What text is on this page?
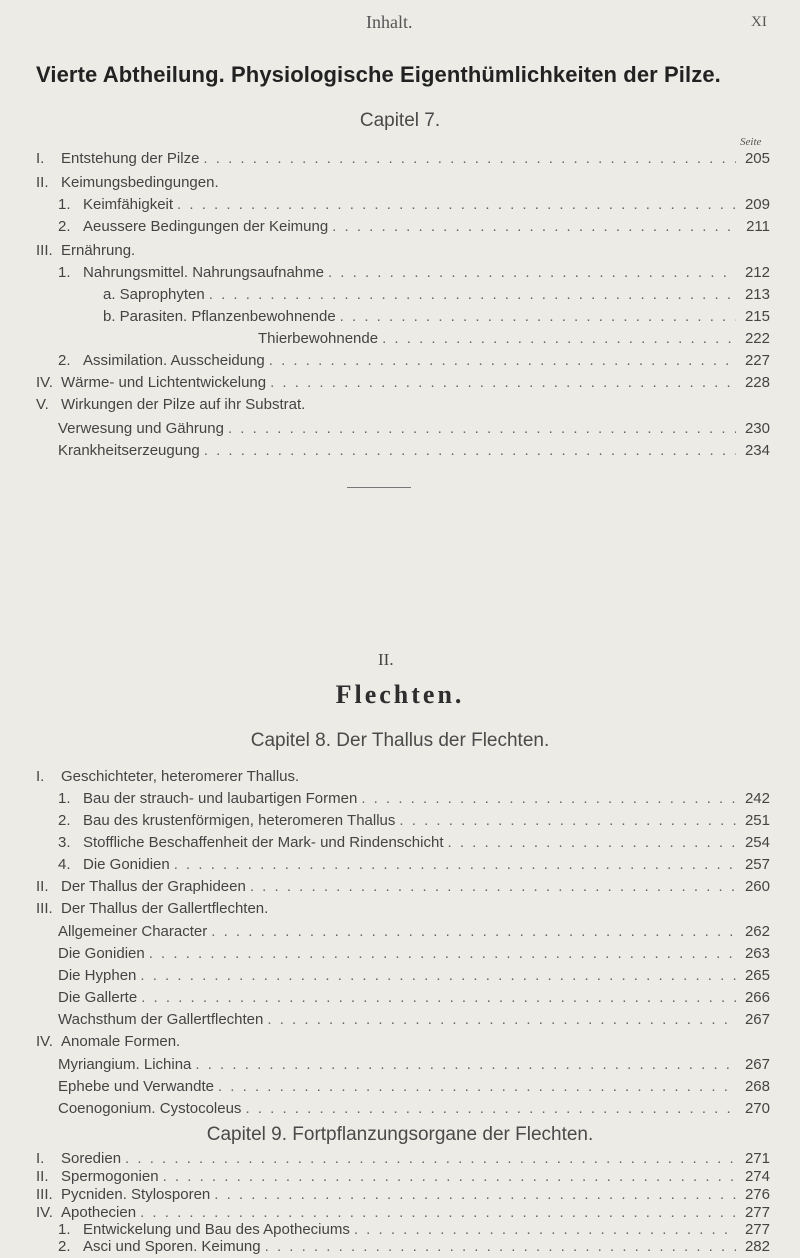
Inhalt.	XI
Vierte Abtheilung. Physiologische Eigenthümlichkeiten der Pilze.
Capitel 7.
Seite
I.	Entstehung der Pilze . . .	205
II. Keimungsbedingungen.
1. Keimfähigkeit . . .	209
2. Aeussere Bedingungen der Keimung . . .	211
III. Ernährung.
1. Nahrungsmittel. Nahrungsaufnahme . . .	212
a. Saprophyten . . .	213
b. Parasiten. Pflanzenbewohnende . . .	215
Thierbewohnende . . .	222
2. Assimilation. Ausscheidung . . .	227
IV. Wärme- und Lichtentwickelung . . .	228
V. Wirkungen der Pilze auf ihr Substrat.
Verwesung und Gährung . . .	230
Krankheitserzeugung . . .	234
II.
Flechten.
Capitel 8. Der Thallus der Flechten.
I. Geschichteter, heteromerer Thallus.
1. Bau der strauch- und laubartigen Formen . . .	242
2. Bau des krustenförmigen, heteromeren Thallus . . .	251
3. Stoffliche Beschaffenheit der Mark- und Rindenschicht . . .	254
4. Die Gonidien . . .	257
II. Der Thallus der Graphideen . . .	260
III. Der Thallus der Gallertflechten.
Allgemeiner Character . . .	262
Die Gonidien . . .	263
Die Hyphen . . .	265
Die Gallerte . . .	266
Wachsthum der Gallertflechten . . .	267
IV. Anomale Formen.
Myriangium. Lichina . . .	267
Ephebe und Verwandte . . .	268
Coenogonium. Cystocoleus . . .	270
Capitel 9. Fortpflanzungsorgane der Flechten.
I.	Soredien . . .	271
II. Spermogonien . . .	274
III. Pycniden. Stylosporen . . .	276
IV. Apothecien . . .	277
1. Entwickelung und Bau des Apotheciums . . .	277
2. Asci und Sporen. Keimung . . .	282
